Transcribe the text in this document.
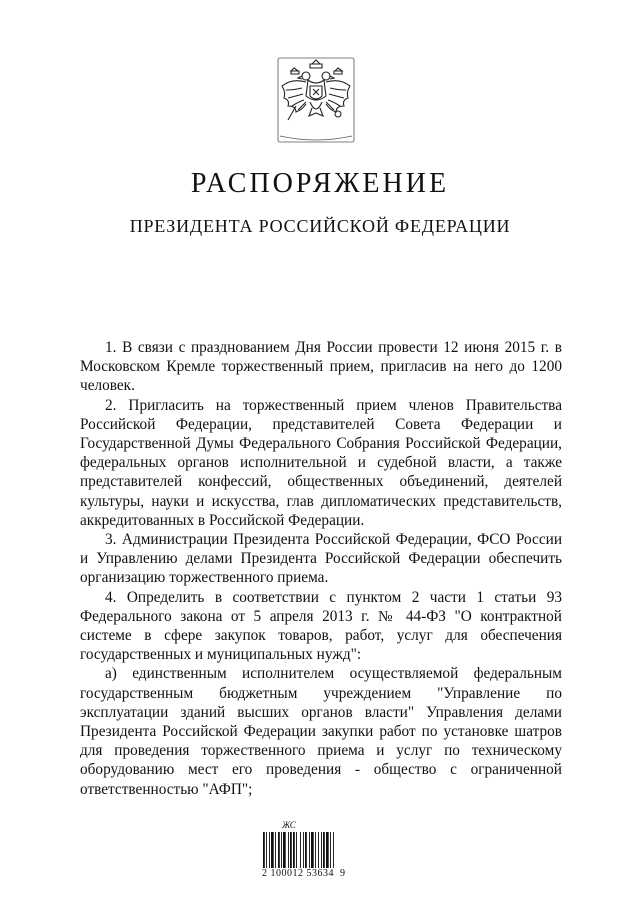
РАСПОРЯЖЕНИЕ
ПРЕЗИДЕНТА РОССИЙСКОЙ ФЕДЕРАЦИИ

1. В связи с празднованием Дня России провести 12 июня 2015 г. в Московском Кремле торжественный прием, пригласив на него до 1200 человек.

2. Пригласить на торжественный прием членов Правительства Российской Федерации, представителей Совета Федерации и Государственной Думы Федерального Собрания Российской Федерации, федеральных органов исполнительной и судебной власти, а также представителей конфессий, общественных объединений, деятелей культуры, науки и искусства, глав дипломатических представительств, аккредитованных в Российской Федерации.

3. Администрации Президента Российской Федерации, ФСО России и Управлению делами Президента Российской Федерации обеспечить организацию торжественного приема.

4. Определить в соответствии с пунктом 2 части 1 статьи 93 Федерального закона от 5 апреля 2013 г. № 44-ФЗ "О контрактной системе в сфере закупок товаров, работ, услуг для обеспечения государственных и муниципальных нужд":

а) единственным исполнителем осуществляемой федеральным государственным бюджетным учреждением "Управление по эксплуатации зданий высших органов власти" Управления делами Президента Российской Федерации закупки работ по установке шатров для проведения торжественного приема и услуг по техническому оборудованию мест его проведения - общество с ограниченной ответственностью "АФП";

ЖС
2 100012 53634  9
